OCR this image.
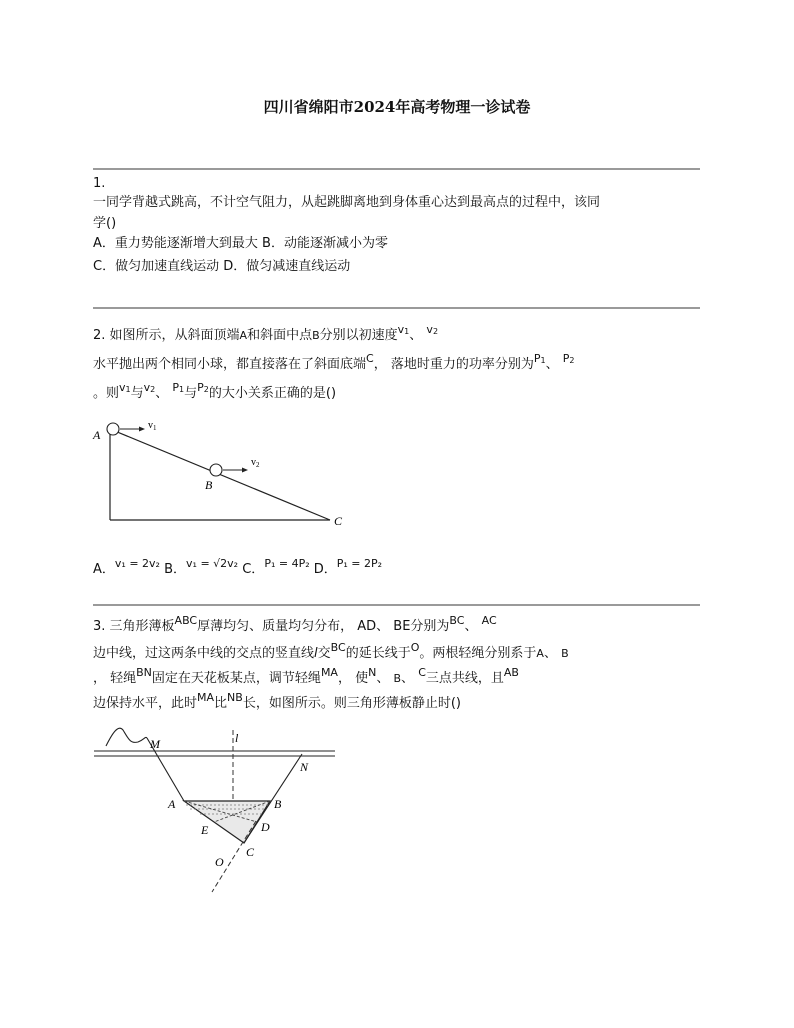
四川省绵阳市2024年高考物理一诊试卷
1.
一同学背越式跳高，不计空气阻力，从起跳脚离地到身体重心达到最高点的过程中，该同
学()
A．重力势能逐渐增大到最大 B．动能逐渐减小为零
C．做匀加速直线运动 D．做匀减速直线运动
2. 如图所示，从斜面顶端A和斜面中点B分别以初速度$^{v1}$、 $^{v2}$
水平抛出两个相同小球，都直接落在了斜面底端$^C$， 落地时重力的功率分别为$^{P1}$、 $^{P2}$
。则$^{v1}$与$^{v2}$、 $^{P1}$与$^{P2}$的大小关系正确的是()
A
B
C
$v_1$
$v_2$
A．$^{v_1 = 2v_2}$ B．$^{v_1 = √2v_2}$ C．$^{P_1 = 4P_2}$ D．$^{P_1 = 2P_2}$
3. 三角形薄板$^{ABC}$厚薄均匀、质量均匀分布， AD、 BE分别为$^{BC}$、 $^{AC}$
边中线，过这两条中线的交点的竖直线l交$^{BC}$的延长线于$^O$。两根轻绳分别系于A、 B
， 轻绳$^{BN}$固定在天花板某点，调节轻绳$^{MA}$， 使$^N$、 B、 $^C$三点共线，且$^{AB}$
边保持水平，此时$^{MA}$比$^{NB}$长，如图所示。则三角形薄板静止时()
M	l
N
A	B
E	D
C
O
